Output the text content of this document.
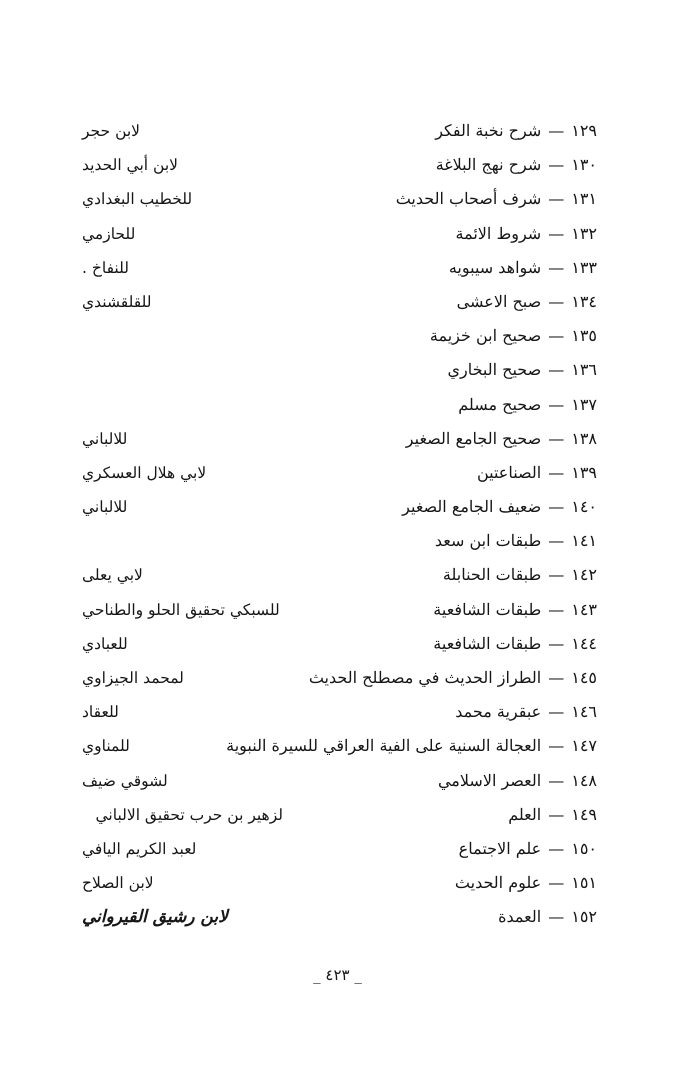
١٢٩—شرح نخبة الفكر
لابن حجر
١٣٠—شرح نهج البلاغة
لابن أبي الحديد
١٣١—شرف أصحاب الحديث
للخطيب البغدادي
١٣٢—شروط الائمة
للحازمي
١٣٣—شواهد سيبويه
للنفاخ .
١٣٤—صبح الاعشى
للقلقشندي
١٣٥—صحيح ابن خزيمة
١٣٦—صحيح البخاري
١٣٧—صحيح مسلم
١٣٨—صحيح الجامع الصغير
للالباني
١٣٩—الصناعتين
لابي هلال العسكري
١٤٠—ضعيف الجامع الصغير
للالباني
١٤١—طبقات ابن سعد
١٤٢—طبقات الحنابلة
لابي يعلى
١٤٣—طبقات الشافعية
للسبكي تحقيق الحلو والطناحي
١٤٤—طبقات الشافعية
للعبادي
١٤٥—الطراز الحديث في مصطلح الحديث
لمحمد الجيزاوي
١٤٦—عبقرية محمد
للعقاد
١٤٧—العجالة السنية على الفية العراقي للسيرة النبوية
للمناوي
١٤٨—العصر الاسلامي
لشوقي ضيف
١٤٩—العلم
لزهير بن حرب تحقيق الالباني
١٥٠—علم الاجتماع
لعبد الكريم اليافي
١٥١—علوم الحديث
لابن الصلاح
١٥٢—العمدة
لابن رشيق القيرواني
_ ٤٢٣ _
